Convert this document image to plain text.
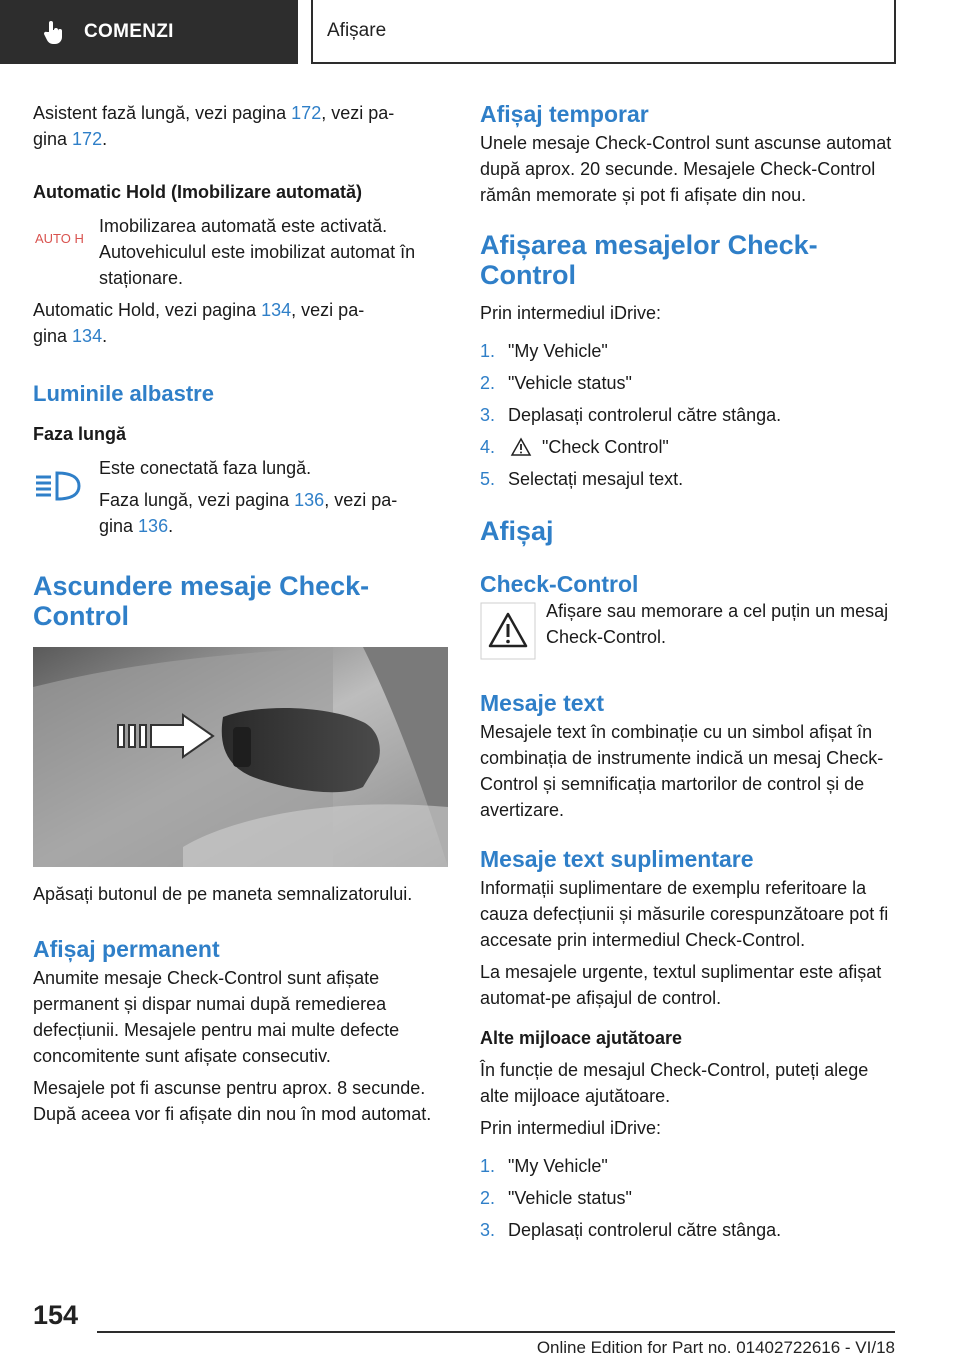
COMENZI	Afișare

Asistent fază lungă, vezi pagina 172, vezi pa-
gina 172.

Automatic Hold (Imobilizare automată)

AUTO H

Imobilizarea automată este activată. Autovehiculul este imobilizat automat în staționare.

Automatic Hold, vezi pagina 134, vezi pa-
gina 134.

Luminile albastre

Faza lungă

Este conectată faza lungă.

Faza lungă, vezi pagina 136, vezi pa-
gina 136.

Ascundere mesaje Check-Control

Apăsați butonul de pe maneta semnalizatorului.

Afișaj permanent

Anumite mesaje Check-Control sunt afișate permanent și dispar numai după remedierea defecțiunii. Mesajele pentru mai multe defecte concomitente sunt afișate consecutiv.

Mesajele pot fi ascunse pentru aprox. 8 secunde. După aceea vor fi afișate din nou în mod automat.

Afișaj temporar

Unele mesaje Check-Control sunt ascunse automat după aprox. 20 secunde. Mesajele Check-Control rămân memorate și pot fi afișate din nou.

Afișarea mesajelor Check-Control

Prin intermediul iDrive:

1. "My Vehicle"
2. "Vehicle status"
3. Deplasați controlerul către stânga.
4.	"Check Control"
5. Selectați mesajul text.

Afișaj

Check-Control

Afișare sau memorare a cel puțin un mesaj Check-Control.

Mesaje text

Mesajele text în combinație cu un simbol afișat în combinația de instrumente indică un mesaj Check-Control și semnificația martorilor de control și de avertizare.

Mesaje text suplimentare

Informații suplimentare de exemplu referitoare la cauza defecțiunii și măsurile corespunzătoare pot fi accesate prin intermediul Check-Control.

La mesajele urgente, textul suplimentar este afișat automat-pe afișajul de control.

Alte mijloace ajutătoare

În funcție de mesajul Check-Control, puteți alege alte mijloace ajutătoare.

Prin intermediul iDrive:

1. "My Vehicle"
2. "Vehicle status"
3. Deplasați controlerul către stânga.
154
Online Edition for Part no. 01402722616 - VI/18
